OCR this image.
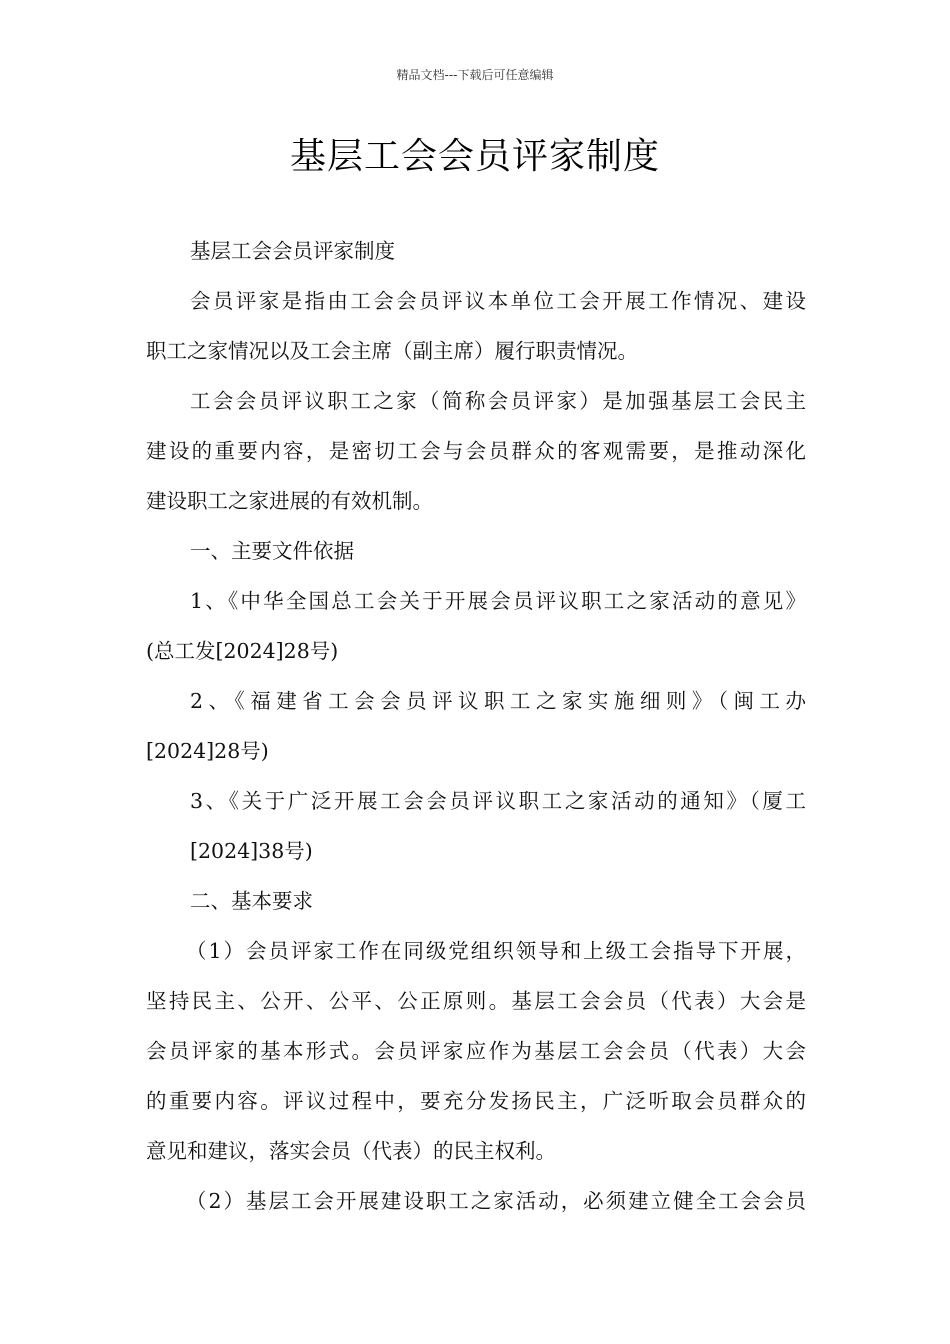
精品文档---下载后可任意编辑
基层工会会员评家制度
基层工会会员评家制度
会员评家是指由工会会员评议本单位工会开展工作情况、建设
职工之家情况以及工会主席（副主席）履行职责情况。
工会会员评议职工之家（简称会员评家）是加强基层工会民主
建设的重要内容，是密切工会与会员群众的客观需要，是推动深化
建设职工之家进展的有效机制。
一、主要文件依据
1、《中华全国总工会关于开展会员评议职工之家活动的意见》
(总工发[2024]28号)
2、《福建省工会会员评议职工之家实施细则》（闽工办
[2024]28号)
3、《关于广泛开展工会会员评议职工之家活动的通知》（厦工
[2024]38号)
二、基本要求
（1）会员评家工作在同级党组织领导和上级工会指导下开展，
坚持民主、公开、公平、公正原则。基层工会会员（代表）大会是
会员评家的基本形式。会员评家应作为基层工会会员（代表）大会
的重要内容。评议过程中，要充分发扬民主，广泛听取会员群众的
意见和建议，落实会员（代表）的民主权利。
（2）基层工会开展建设职工之家活动，必须建立健全工会会员
